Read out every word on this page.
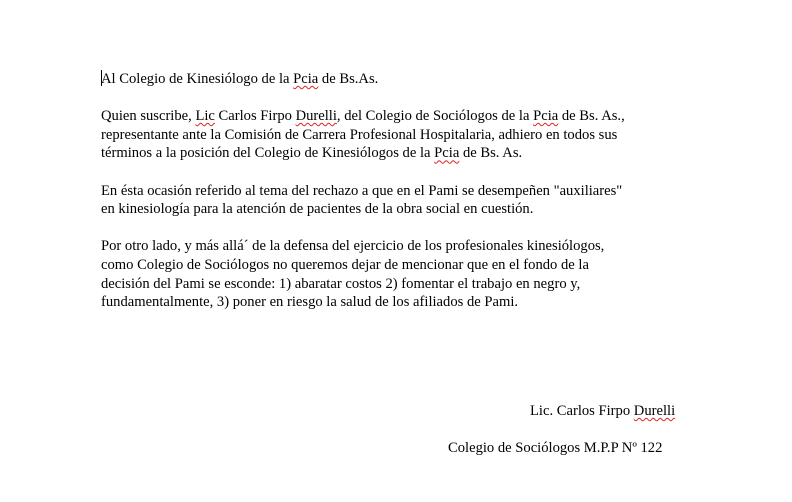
Al Colegio de Kinesiólogo de la Pcia de Bs.As.

Quien suscribe, Lic Carlos Firpo Durelli, del Colegio de Sociólogos de la Pcia de Bs. As.,
representante ante la Comisión de Carrera Profesional Hospitalaria, adhiero en todos sus
términos a la posición del Colegio de Kinesiólogos de la Pcia de Bs. As.

En ésta ocasión referido al tema del rechazo a que en el Pami se desempeñen "auxiliares"
en kinesiología para la atención de pacientes de la obra social en cuestión.

Por otro lado, y más allá´ de la defensa del ejercicio de los profesionales kinesiólogos,
como Colegio de Sociólogos no queremos dejar de mencionar que en el fondo de la
decisión del Pami se esconde: 1) abaratar costos 2) fomentar el trabajo en negro y,
fundamentalmente, 3) poner en riesgo la salud de los afiliados de Pami.

Lic. Carlos Firpo Durelli
Colegio de Sociólogos M.P.P Nº 122
